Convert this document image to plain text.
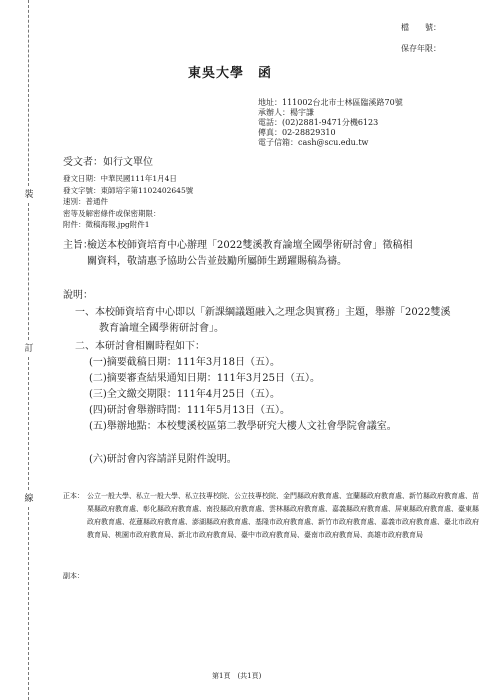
裝
訂
線
檔　　號：
保存年限：
東吳大學　函
地址：111002台北市士林區臨溪路70號
承辦人：楊宇謙
電話：(02)2881-9471分機6123
傳真：02-28829310
電子信箱：cash@scu.edu.tw
受文者：如行文單位
發文日期：中華民國111年1月4日
發文字號：東師培字第1102402645號
速別：普通件
密等及解密條件或保密期限：
附件：徵稿海報.jpg附件1
主旨：
檢送本校師資培育中心辦理「2022雙溪教育論壇全國學術研討會」徵稿相關資料，敬請惠予協助公告並鼓勵所屬師生踴躍賜稿為禱。
說明：
一、本校師資培育中心即以「新課綱議題融入之理念與實務」主題，舉辦「2022雙溪教育論壇全國學術研討會」。
二、本研討會相關時程如下：
(一)摘要截稿日期：111年3月18日（五）。
(二)摘要審查結果通知日期：111年3月25日（五）。
(三)全文繳交期限：111年4月25日（五）。
(四)研討會舉辦時間：111年5月13日（五）。
(五)舉辦地點：本校雙溪校區第二教學研究大樓人文社會學院會議室。
(六)研討會內容請詳見附件說明。
正本： 公立一般大學、私立一般大學、私立技專校院、公立技專校院、金門縣政府教育處、宜蘭縣政府教育處、新竹縣政府教育處、苗栗縣政府教育處、彰化縣政府教育處、南投縣政府教育處、雲林縣政府教育處、嘉義縣政府教育處、屏東縣政府教育處、臺東縣政府教育處、花蓮縣政府教育處、澎湖縣政府教育處、基隆市政府教育處、新竹市政府教育處、嘉義市政府教育處、臺北市政府教育局、桃園市政府教育局、新北市政府教育局、臺中市政府教育局、臺南市政府教育局、高雄市政府教育局
副本：
第1頁　(共1頁)
